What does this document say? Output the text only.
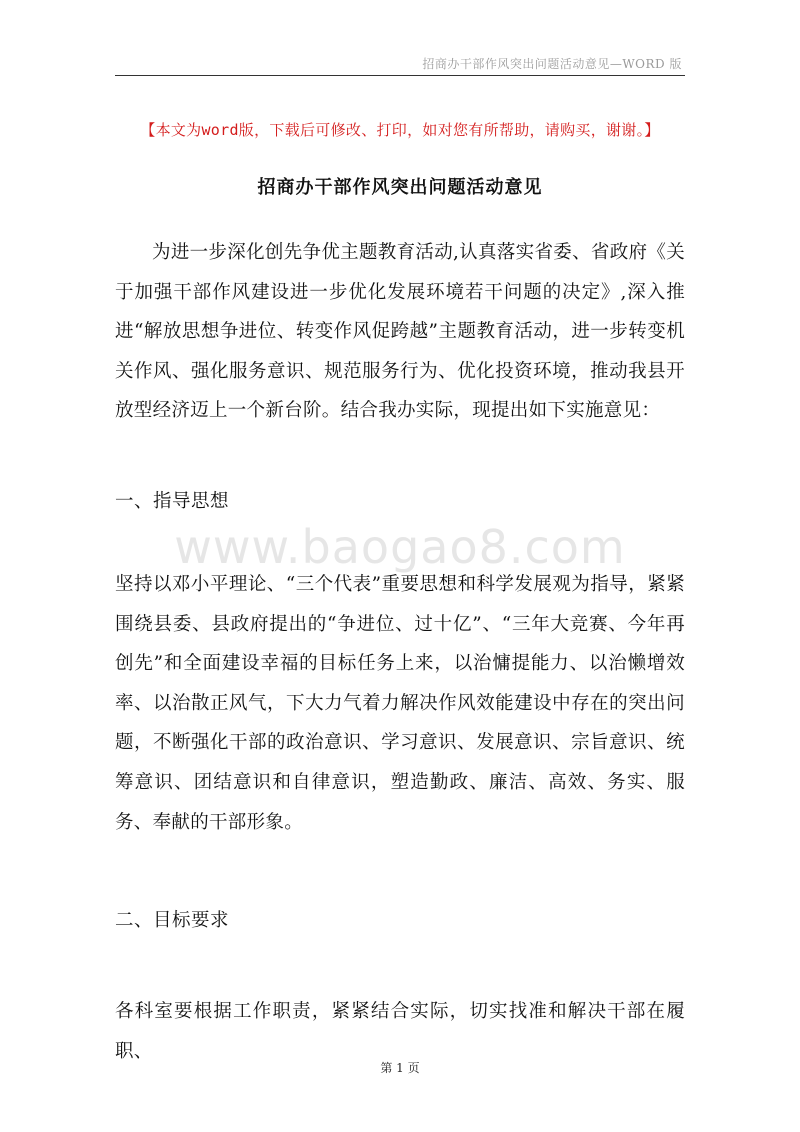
招商办干部作风突出问题活动意见—WORD 版
【本文为word版，下载后可修改、打印，如对您有所帮助，请购买，谢谢。】
招商办干部作风突出问题活动意见

为进一步深化创先争优主题教育活动,认真落实省委、省政府《关于加强干部作风建设进一步优化发展环境若干问题的决定》,深入推进“解放思想争进位、转变作风促跨越”主题教育活动，进一步转变机关作风、强化服务意识、规范服务行为、优化投资环境，推动我县开放型经济迈上一个新台阶。结合我办实际，现提出如下实施意见：

一、指导思想
www.baogao8.com

坚持以邓小平理论、“三个代表”重要思想和科学发展观为指导，紧紧围绕县委、县政府提出的“争进位、过十亿”、“三年大竞赛、今年再创先”和全面建设幸福的目标任务上来，以治慵提能力、以治懒增效率、以治散正风气，下大力气着力解决作风效能建设中存在的突出问题，不断强化干部的政治意识、学习意识、发展意识、宗旨意识、统筹意识、团结意识和自律意识，塑造勤政、廉洁、高效、务实、服务、奉献的干部形象。

二、目标要求

各科室要根据工作职责，紧紧结合实际，切实找准和解决干部在履职、

第 1 页
